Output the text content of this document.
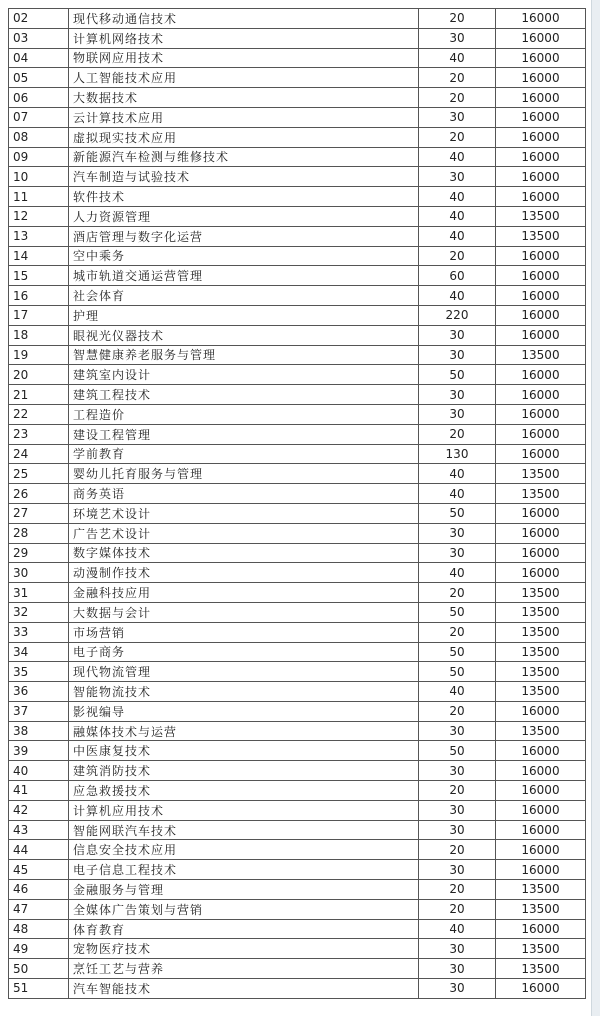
02	现代移动通信技术	20	16000
03	计算机网络技术	30	16000
04	物联网应用技术	40	16000
05	人工智能技术应用	20	16000
06	大数据技术	20	16000
07	云计算技术应用	30	16000
08	虚拟现实技术应用	20	16000
09	新能源汽车检测与维修技术	40	16000
10	汽车制造与试验技术	30	16000
11	软件技术	40	16000
12	人力资源管理	40	13500
13	酒店管理与数字化运营	40	13500
14	空中乘务	20	16000
15	城市轨道交通运营管理	60	16000
16	社会体育	40	16000
17	护理	220	16000
18	眼视光仪器技术	30	16000
19	智慧健康养老服务与管理	30	13500
20	建筑室内设计	50	16000
21	建筑工程技术	30	16000
22	工程造价	30	16000
23	建设工程管理	20	16000
24	学前教育	130	16000
25	婴幼儿托育服务与管理	40	13500
26	商务英语	40	13500
27	环境艺术设计	50	16000
28	广告艺术设计	30	16000
29	数字媒体技术	30	16000
30	动漫制作技术	40	16000
31	金融科技应用	20	13500
32	大数据与会计	50	13500
33	市场营销	20	13500
34	电子商务	50	13500
35	现代物流管理	50	13500
36	智能物流技术	40	13500
37	影视编导	20	16000
38	融媒体技术与运营	30	13500
39	中医康复技术	50	16000
40	建筑消防技术	30	16000
41	应急救援技术	20	16000
42	计算机应用技术	30	16000
43	智能网联汽车技术	30	16000
44	信息安全技术应用	20	16000
45	电子信息工程技术	30	16000
46	金融服务与管理	20	13500
47	全媒体广告策划与营销	20	13500
48	体育教育	40	16000
49	宠物医疗技术	30	13500
50	烹饪工艺与营养	30	13500
51	汽车智能技术	30	16000
